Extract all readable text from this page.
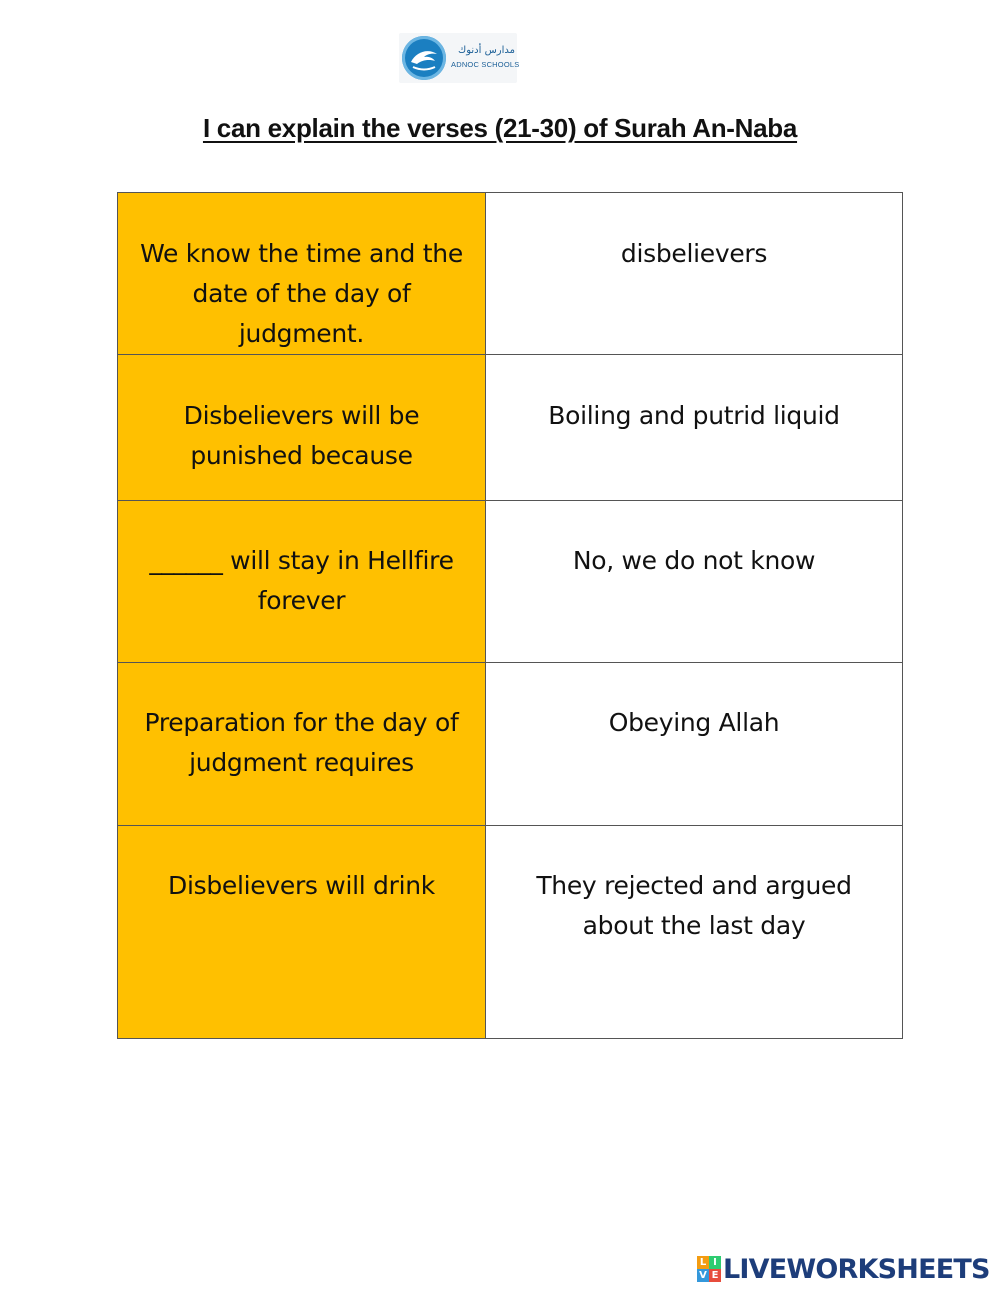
مدارس أدنوك
ADNOC SCHOOLS
I can explain the verses (21-30) of Surah An-Naba
We know the time and the date of the day of judgment.	disbelievers
Disbelievers will be punished because	Boiling and putrid liquid
______ will stay in Hellfire forever	No, we do not know
Preparation for the day of judgment requires	Obeying Allah
Disbelievers will drink	They rejected and argued about the last day
L I
V E LIVEWORKSHEETS
